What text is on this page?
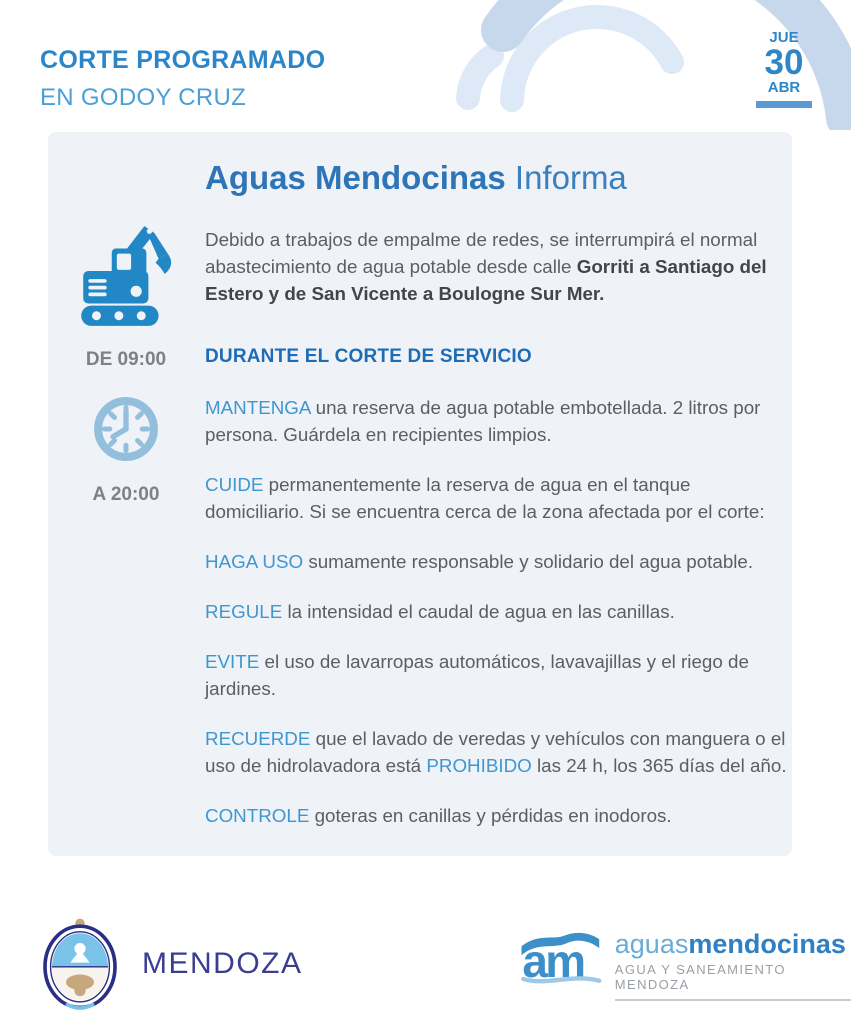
CORTE PROGRAMADO
EN GODOY CRUZ
JUE
30
ABR
DE 09:00
A 20:00
Aguas Mendocinas Informa

Debido a trabajos de empalme de redes, se interrumpirá el normal abastecimiento de agua potable desde calle Gorriti a Santiago del Estero y de San Vicente a Boulogne Sur Mer.

DURANTE EL CORTE DE SERVICIO

MANTENGA una reserva de agua potable embotellada. 2 litros por persona. Guárdela en recipientes limpios.

CUIDE permanentemente la reserva de agua en el tanque domiciliario. Si se encuentra cerca de la zona afectada por el corte:

HAGA USO sumamente responsable y solidario del agua potable.

REGULE la intensidad el caudal de agua en las canillas.

EVITE el uso de lavarropas automáticos, lavavajillas y el riego de jardines.

RECUERDE que el lavado de veredas y vehículos con manguera o el uso de hidrolavadora está PROHIBIDO las 24 h, los 365 días del año.

CONTROLE goteras en canillas y pérdidas en inodoros.

MENDOZA	am aguasmendocinas
AGUA Y SANEAMIENTO MENDOZA
